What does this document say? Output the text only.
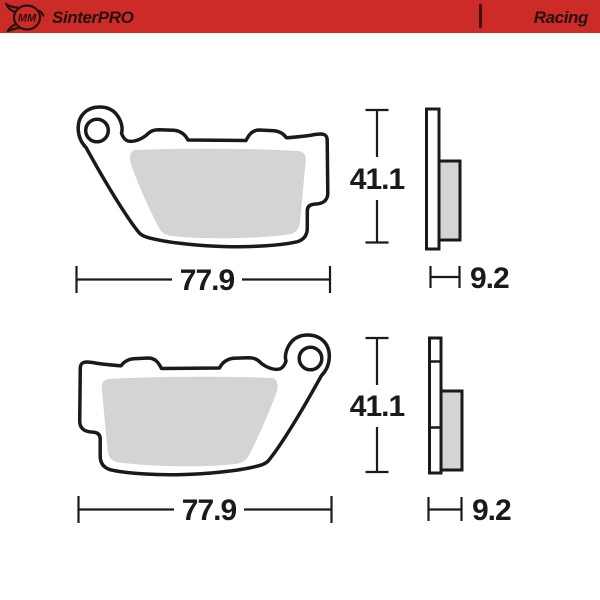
MM SinterPRO	Racing
41.1
77.9	9.2
41.1
77.9	9.2
